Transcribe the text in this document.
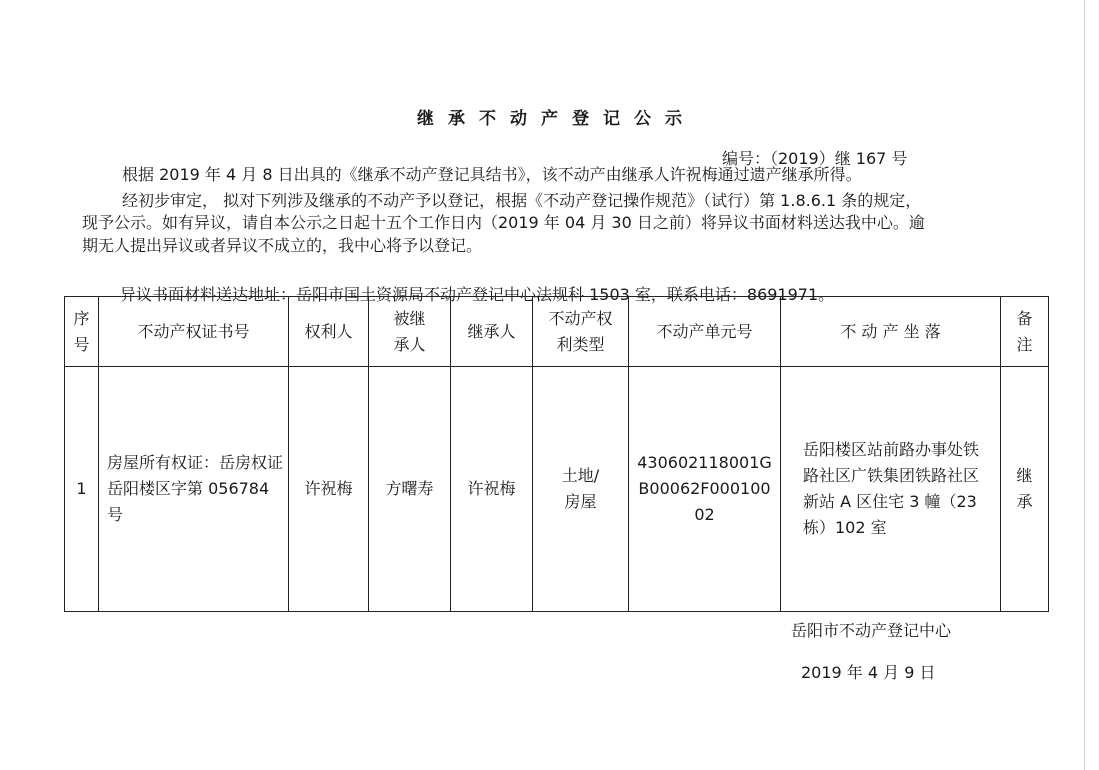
继承不动产登记公示
编号：（2019）继 167 号
根据 2019 年 4 月 8 日出具的《继承不动产登记具结书》，该不动产由继承人许祝梅通过遗产继承所得。
经初步审定， 拟对下列涉及继承的不动产予以登记，根据《不动产登记操作规范》（试行）第 1.8.6.1 条的规定，
现予公示。如有异议，请自本公示之日起十五个工作日内（2019 年 04 月 30 日之前）将异议书面材料送达我中心。逾
期无人提出异议或者异议不成立的，我中心将予以登记。
异议书面材料送达地址：岳阳市国土资源局不动产登记中心法规科 1503 室，联系电话：8691971。
序号	不动产权证书号	权利人	被继承人	继承人	不动产权利类型	不动产单元号	不 动 产 坐 落	备注
1	房屋所有权证：岳房权证岳阳楼区字第 056784 号	许祝梅	方曙寿	许祝梅	土地/房屋	430602118001GB00062F00010002	岳阳楼区站前路办事处铁路社区广铁集团铁路社区新站 A 区住宅 3 幢（23 栋）102 室	继承
岳阳市不动产登记中心
2019 年 4 月 9 日
